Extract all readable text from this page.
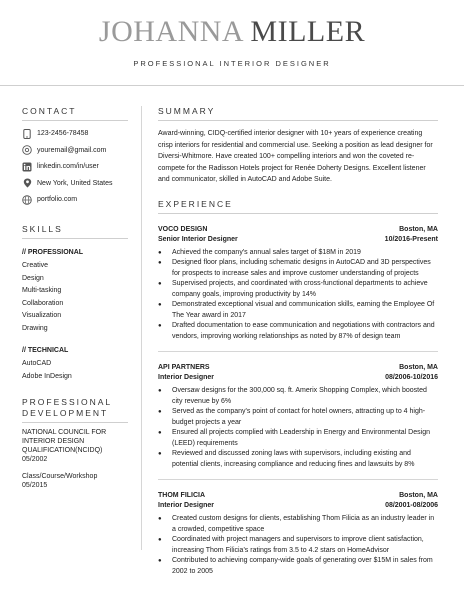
JOHANNA MILLER
PROFESSIONAL INTERIOR DESIGNER
CONTACT
123-2456-78458
youremail@gmail.com
linkedin.com/in/user
New York, United States
portfolio.com
SKILLS
// PROFESSIONAL
Creative
Design
Multi-tasking
Collaboration
Visualization
Drawing
// TECHNICAL
AutoCAD
Adobe InDesign
PROFESSIONAL
DEVELOPMENT
NATIONAL COUNCIL FOR
INTERIOR DESIGN
QUALIFICATION(NCIDQ)
05/2002
Class/Course/Workshop
05/2015
SUMMARY
Award-winning, CIDQ-certified interior designer with 10+ years of experience creating crisp interiors for residential and commercial use. Seeking a position as lead designer for Diversi-Whitmore. Have created 100+ compelling interiors and won the coveted re-compete for the Radisson Hotels project for Renée Doherty Designs. Excellent listener and communicator, skilled in AutoCAD and Adobe Suite.
EXPERIENCE
VOCO DESIGN	Boston, MA
Senior Interior Designer	10/2016-Present
● Achieved the company's annual sales target of $18M in 2019
● Designed floor plans, including schematic designs in AutoCAD and 3D perspectives for prospects to increase sales and improve customer understanding of projects
● Supervised projects, and coordinated with cross-functional departments to achieve company goals, improving productivity by 14%
● Demonstrated exceptional visual and communication skills, earning the Employee Of The Year award in 2017
● Drafted documentation to ease communication and negotiations with contractors and vendors, improving working relationships as noted by 87% of design team
API PARTNERS	Boston, MA
Interior Designer	08/2006-10/2016
● Oversaw designs for the 300,000 sq. ft. Amerix Shopping Complex, which boosted city revenue by 6%
● Served as the company's point of contact for hotel owners, attracting up to 4 high-budget projects a year
● Ensured all projects complied with Leadership in Energy and Environmental Design (LEED) requirements
● Reviewed and discussed zoning laws with supervisors, including existing and potential clients, increasing compliance and reducing fines and lawsuits by 8%
THOM FILICIA	Boston, MA
Interior Designer	08/2001-08/2006
● Created custom designs for clients, establishing Thom Filicia as an industry leader in a crowded, competitive space
● Coordinated with project managers and supervisors to improve client satisfaction, increasing Thom Filicia's ratings from 3.5 to 4.2 stars on HomeAdvisor
● Contributed to achieving company-wide goals of generating over $15M in sales from 2002 to 2005
